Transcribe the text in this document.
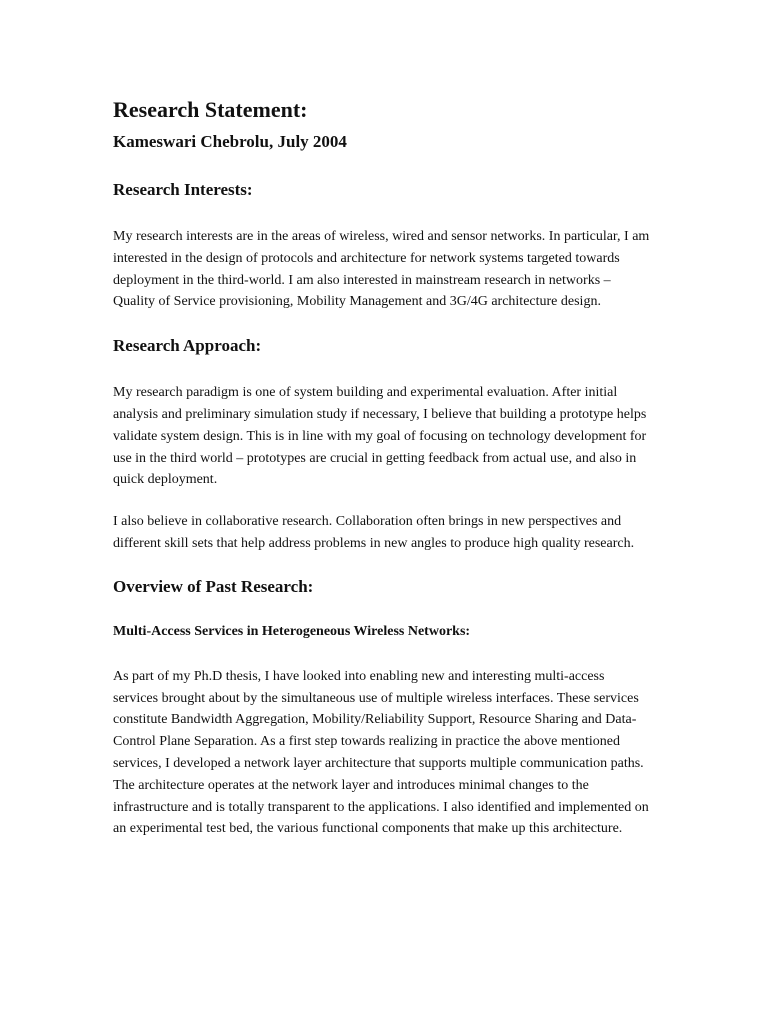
Research Statement:
Kameswari Chebrolu, July 2004
Research Interests:

My research interests are in the areas of wireless, wired and sensor networks. In particular, I am interested in the design of protocols and architecture for network systems targeted towards deployment in the third-world. I am also interested in mainstream research in networks – Quality of Service provisioning, Mobility Management and 3G/4G architecture design.

Research Approach:

My research paradigm is one of system building and experimental evaluation. After initial analysis and preliminary simulation study if necessary, I believe that building a prototype helps validate system design. This is in line with my goal of focusing on technology development for use in the third world – prototypes are crucial in getting feedback from actual use, and also in quick deployment.

I also believe in collaborative research. Collaboration often brings in new perspectives and different skill sets that help address problems in new angles to produce high quality research.

Overview of Past Research:
Multi-Access Services in Heterogeneous Wireless Networks:

As part of my Ph.D thesis, I have looked into enabling new and interesting multi-access services brought about by the simultaneous use of multiple wireless interfaces. These services constitute Bandwidth Aggregation, Mobility/Reliability Support, Resource Sharing and Data-Control Plane Separation. As a first step towards realizing in practice the above mentioned services, I developed a network layer architecture that supports multiple communication paths. The architecture operates at the network layer and introduces minimal changes to the infrastructure and is totally transparent to the applications. I also identified and implemented on an experimental test bed, the various functional components that make up this architecture.
